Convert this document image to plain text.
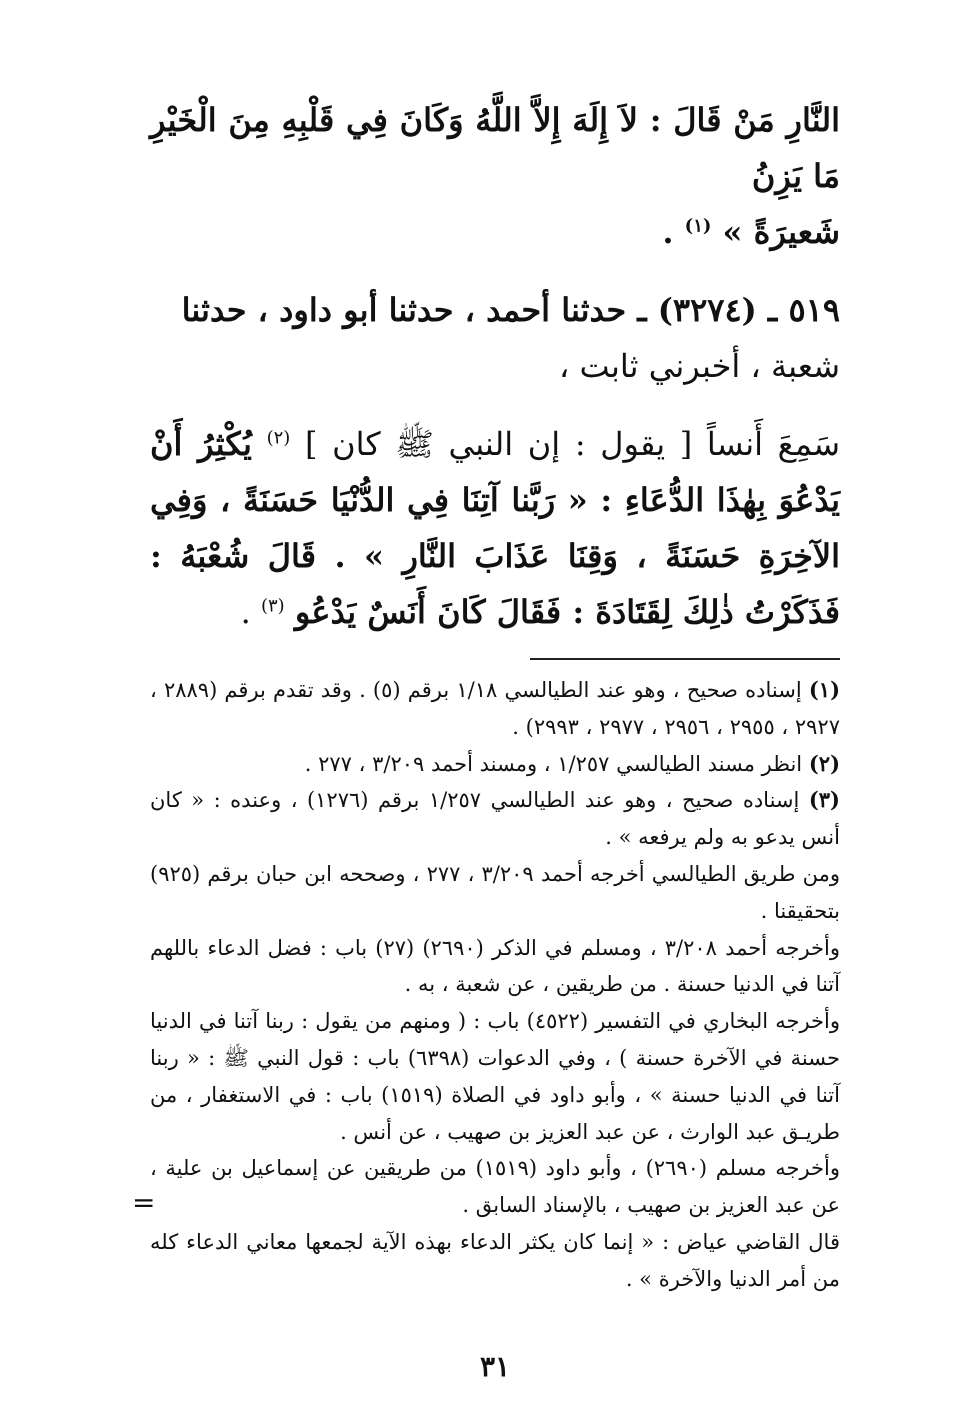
النَّارِ مَنْ قَالَ : لاَ إِلَهَ إِلاَّ اللَّهُ وَكَانَ فِي قَلْبِهِ مِنَ الْخَيْرِ مَا يَزِنُ
شَعيرَةً » $^{(١)}$ .

٥١٩ ـ (٣٢٧٤) ـ حدثنا أحمد ، حدثنا أبو داود ، حدثنا
شعبة ، أخبرني ثابت ،

سَمِعَ أَنساً [ يقول : إن النبي ﷺ كان ] $^{(٢)}$ يُكْثِرُ أَنْ يَدْعُوَ بِهٰذَا الدُّعَاءِ : « رَبَّنا آتِنَا فِي الدُّنْيَا حَسَنَةً ، وَفِي الآخِرَةِ حَسَنَةً ، وَقِنَا عَذَابَ النَّارِ » . قَالَ شُعْبَهُ : فَذَكَرْتُ ذٰلِكَ لِقَتَادَةَ : فَقَالَ كَانَ أَنَسٌ يَدْعُو $^{(٣)}$ .

(١) إسناده صحيح ، وهو عند الطيالسي ١/١٨ برقم (٥) . وقد تقدم برقم (٢٨٨٩ ، ٢٩٢٧ ، ٢٩٥٥ ، ٢٩٥٦ ، ٢٩٧٧ ، ٢٩٩٣) .

(٢) انظر مسند الطيالسي ١/٢٥٧ ، ومسند أحمد ٣/٢٠٩ ، ٢٧٧ .

(٣) إسناده صحيح ، وهو عند الطيالسي ١/٢٥٧ برقم (١٢٧٦) ، وعنده : « كان أنس يدعو به ولم يرفعه » .

ومن طريق الطيالسي أخرجه أحمد ٣/٢٠٩ ، ٢٧٧ ، وصححه ابن حبان برقم (٩٢٥) بتحقيقنا .

وأخرجه أحمد ٣/٢٠٨ ، ومسلم في الذكر (٢٦٩٠) (٢٧) باب : فضل الدعاء باللهم آتنا في الدنيا حسنة . من طريقين ، عن شعبة ، به .

وأخرجه البخاري في التفسير (٤٥٢٢) باب : ( ومنهم من يقول : ربنا آتنا في الدنيا حسنة في الآخرة حسنة ) ، وفي الدعوات (٦٣٩٨) باب : قول النبي ﷺ : « ربنا آتنا في الدنيا حسنة » ، وأبو داود في الصلاة (١٥١٩) باب : في الاستغفار ، من طريـق عبد الوارث ، عن عبد العزيز بن صهيب ، عن أنس .

وأخرجه مسلم (٢٦٩٠) ، وأبو داود (١٥١٩) من طريقين عن إسماعيل بن علية ، عن عبد العزيز بن صهيب ، بالإسناد السابق .

قال القاضي عياض : « إنما كان يكثر الدعاء بهذه الآية لجمعها معاني الدعاء كله من أمر الدنيا والآخرة » .

٣١
=
